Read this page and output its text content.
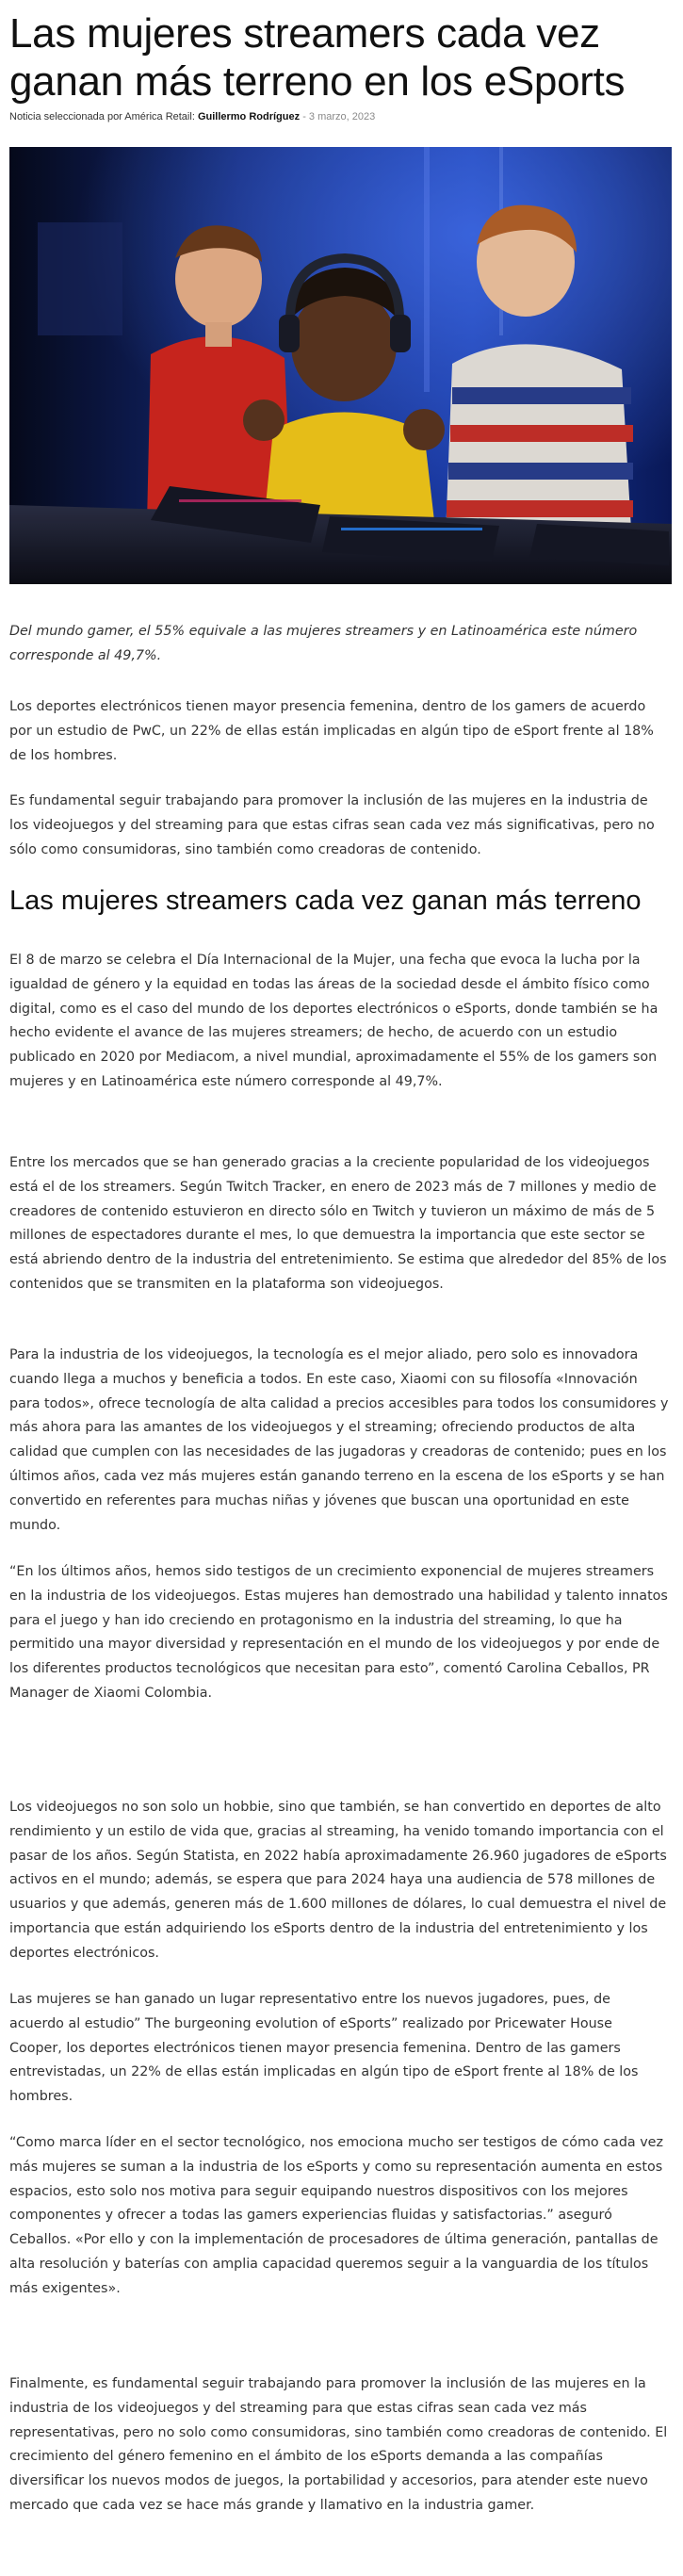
Las mujeres streamers cada vez ganan más terreno en los eSports
Noticia seleccionada por América Retail: Guillermo Rodríguez - 3 marzo, 2023

Del mundo gamer, el 55% equivale a las mujeres streamers y en Latinoamérica este número corresponde al 49,7%.

Los deportes electrónicos tienen mayor presencia femenina, dentro de los gamers de acuerdo por un estudio de PwC, un 22% de ellas están implicadas en algún tipo de eSport frente al 18% de los hombres.

Es fundamental seguir trabajando para promover la inclusión de las mujeres en la industria de los videojuegos y del streaming para que estas cifras sean cada vez más significativas, pero no sólo como consumidoras, sino también como creadoras de contenido.

Las mujeres streamers cada vez ganan más terreno

El 8 de marzo se celebra el Día Internacional de la Mujer, una fecha que evoca la lucha por la igualdad de género y la equidad en todas las áreas de la sociedad desde el ámbito físico como digital, como es el caso del mundo de los deportes electrónicos o eSports, donde también se ha hecho evidente el avance de las mujeres streamers; de hecho, de acuerdo con un estudio publicado en 2020 por Mediacom, a nivel mundial, aproximadamente el 55% de los gamers son mujeres y en Latinoamérica este número corresponde al 49,7%.

Entre los mercados que se han generado gracias a la creciente popularidad de los videojuegos está el de los streamers. Según Twitch Tracker, en enero de 2023 más de 7 millones y medio de creadores de contenido estuvieron en directo sólo en Twitch y tuvieron un máximo de más de 5 millones de espectadores durante el mes, lo que demuestra la importancia que este sector se está abriendo dentro de la industria del entretenimiento. Se estima que alrededor del 85% de los contenidos que se transmiten en la plataforma son videojuegos.

Para la industria de los videojuegos, la tecnología es el mejor aliado, pero solo es innovadora cuando llega a muchos y beneficia a todos. En este caso, Xiaomi con su filosofía «Innovación para todos», ofrece tecnología de alta calidad a precios accesibles para todos los consumidores y más ahora para las amantes de los videojuegos y el streaming; ofreciendo productos de alta calidad que cumplen con las necesidades de las jugadoras y creadoras de contenido; pues en los últimos años, cada vez más mujeres están ganando terreno en la escena de los eSports y se han convertido en referentes para muchas niñas y jóvenes que buscan una oportunidad en este mundo.

“En los últimos años, hemos sido testigos de un crecimiento exponencial de mujeres streamers en la industria de los videojuegos. Estas mujeres han demostrado una habilidad y talento innatos para el juego y han ido creciendo en protagonismo en la industria del streaming, lo que ha permitido una mayor diversidad y representación en el mundo de los videojuegos y por ende de los diferentes productos tecnológicos que necesitan para esto”, comentó Carolina Ceballos, PR Manager de Xiaomi Colombia.

Los videojuegos no son solo un hobbie, sino que también, se han convertido en deportes de alto rendimiento y un estilo de vida que, gracias al streaming, ha venido tomando importancia con el pasar de los años. Según Statista, en 2022 había aproximadamente 26.960 jugadores de eSports activos en el mundo; además, se espera que para 2024 haya una audiencia de 578 millones de usuarios y que además, generen más de 1.600 millones de dólares, lo cual demuestra el nivel de importancia que están adquiriendo los eSports dentro de la industria del entretenimiento y los deportes electrónicos.

Las mujeres se han ganado un lugar representativo entre los nuevos jugadores, pues, de acuerdo al estudio” The burgeoning evolution of eSports” realizado por Pricewater House Cooper, los deportes electrónicos tienen mayor presencia femenina. Dentro de las gamers entrevistadas, un 22% de ellas están implicadas en algún tipo de eSport frente al 18% de los hombres.

“Como marca líder en el sector tecnológico, nos emociona mucho ser testigos de cómo cada vez más mujeres se suman a la industria de los eSports y como su representación aumenta en estos espacios, esto solo nos motiva para seguir equipando nuestros dispositivos con los mejores componentes y ofrecer a todas las gamers experiencias fluidas y satisfactorias.” aseguró Ceballos. «Por ello y con la implementación de procesadores de última generación, pantallas de alta resolución y baterías con amplia capacidad queremos seguir a la vanguardia de los títulos más exigentes».

Finalmente, es fundamental seguir trabajando para promover la inclusión de las mujeres en la industria de los videojuegos y del streaming para que estas cifras sean cada vez más representativas, pero no solo como consumidoras, sino también como creadoras de contenido. El crecimiento del género femenino en el ámbito de los eSports demanda a las compañías diversificar los nuevos modos de juegos, la portabilidad y accesorios, para atender este nuevo mercado que cada vez se hace más grande y llamativo en la industria gamer.
